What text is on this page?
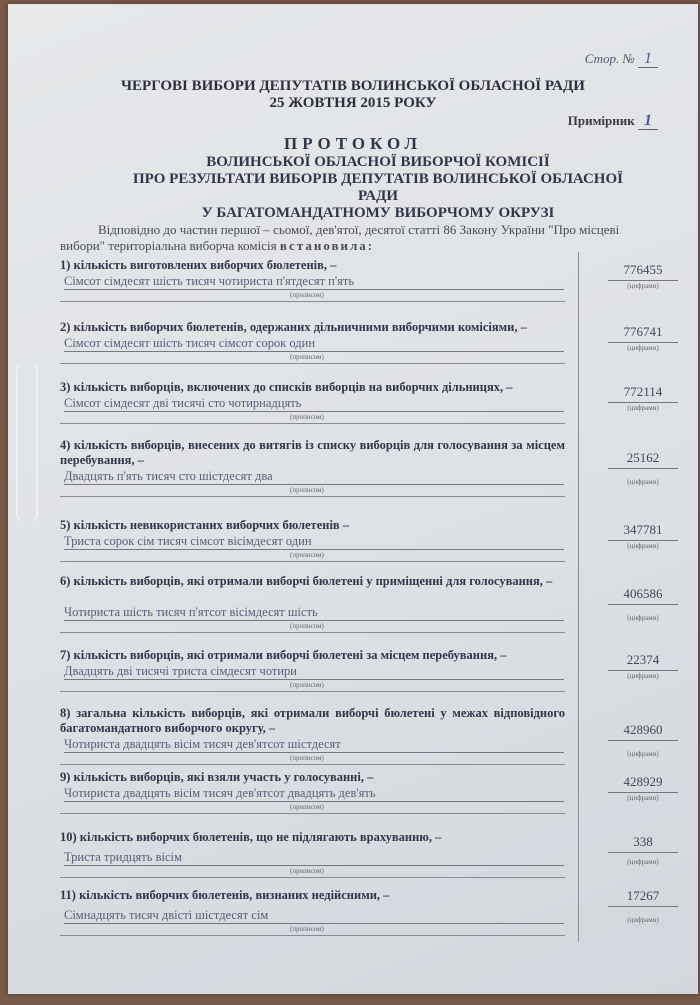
Стор. № 1
ЧЕРГОВІ ВИБОРИ ДЕПУТАТІВ ВОЛИНСЬКОЇ ОБЛАСНОЇ РАДИ
25 ЖОВТНЯ 2015 РОКУ
Примірник 1
ПРОТОКОЛ
ВОЛИНСЬКОЇ ОБЛАСНОЇ ВИБОРЧОЇ КОМІСІЇ
ПРО РЕЗУЛЬТАТИ ВИБОРІВ ДЕПУТАТІВ ВОЛИНСЬКОЇ ОБЛАСНОЇ РАДИ
У БАГАТОМАНДАТНОМУ ВИБОРЧОМУ ОКРУЗІ
Відповідно до частин першої – сьомої, дев'ятої, десятої статті 86 Закону України "Про місцеві вибори" територіальна виборча комісія встановила:
1) кількість виготовлених виборчих бюлетенів, –
Сімсот сімдесят шість тисяч чотириста п'ятдесят п'ять
(прописом)
776455
(цифрами)
2) кількість виборчих бюлетенів, одержаних дільничними виборчими комісіями, –
Сімсот сімдесят шість тисяч сімсот сорок один
(прописом)
776741
(цифрами)
3) кількість виборців, включених до списків виборців на виборчих дільницях, –
Сімсот сімдесят дві тисячі сто чотирнадцять
(прописом)
772114
(цифрами)
4) кількість виборців, внесених до витягів із списку виборців для голосування за місцем перебування, –
Двадцять п'ять тисяч сто шістдесят два
(прописом)
25162
(цифрами)
5) кількість невикористаних виборчих бюлетенів –
Триста сорок сім тисяч сімсот вісімдесят один
(прописом)
347781
(цифрами)
6) кількість виборців, які отримали виборчі бюлетені у приміщенні для голосування, –
Чотириста шість тисяч п'ятсот вісімдесят шість
(прописом)
406586
(цифрами)
7) кількість виборців, які отримали виборчі бюлетені за місцем перебування, –
Двадцять дві тисячі триста сімдесят чотири
(прописом)
22374
(цифрами)
8) загальна кількість виборців, які отримали виборчі бюлетені у межах відповідного багатомандатного виборчого округу, –
Чотириста двадцять вісім тисяч дев'ятсот шістдесят
(прописом)
428960
(цифрами)
9) кількість виборців, які взяли участь у голосуванні, –
Чотириста двадцять вісім тисяч дев'ятсот двадцять дев'ять
(прописом)
428929
(цифрами)
10) кількість виборчих бюлетенів, що не підлягають врахуванню, –
Триста тридцять вісім
(прописом)
338
(цифрами)
11) кількість виборчих бюлетенів, визнаних недійсними, –
Сімнадцять тисяч двісті шістдесят сім
(прописом)
17267
(цифрами)
